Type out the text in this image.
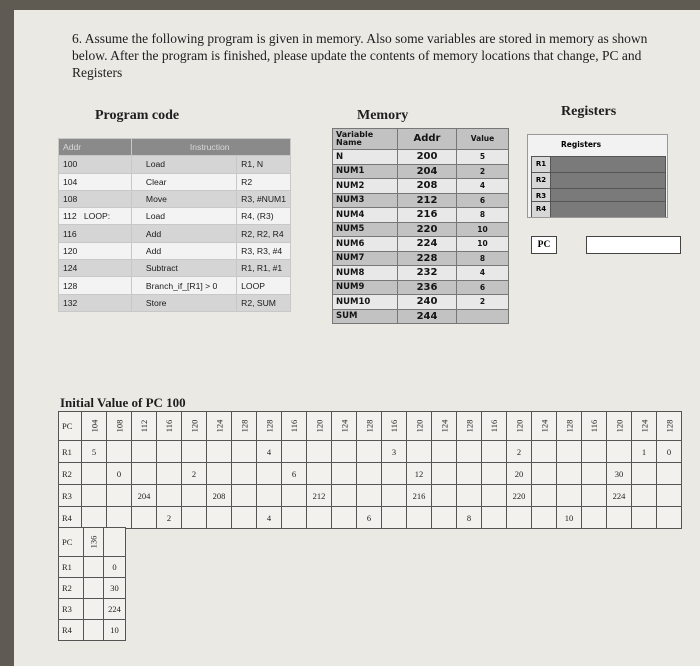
6. Assume the following program is given in memory. Also some variables are stored in memory as shown below. After the program is finished, please update the contents of memory locations that change, PC and Registers
Program code	Memory	Registers
Addr	Instruction	
100	Load	R1, N
104	Clear	R2
108	Move	R3, #NUM1
112 LOOP:	Load	R4, (R3)
116	Add	R2, R2, R4
120	Add	R3, R3, #4
124	Subtract	R1, R1, #1
128	Branch_if_[R1] > 0	LOOP
132	Store	R2, SUM
Variable Name	Addr	Value
N	200	5
NUM1	204	2
NUM2	208	4
NUM3	212	6
NUM4	216	8
NUM5	220	10
NUM6	224	10
NUM7	228	8
NUM8	232	4
NUM9	236	6
NUM10	240	2
SUM	244	
Registers
R1
R2
R3
R4
PC
Initial Value of PC 100
PC	104	108	112	116	120	124	128	128	116	120	124	128	116	120	124	128	116	120	124	128	116	120	124	128
R1	5							4					3					2					1	0
R2		0			2				6					12				20				30		
R3			204			208				212				216				220				224		
R4				2				4				6				8				10				
PC	136	
R1		0
R2		30
R3		224
R4		10
